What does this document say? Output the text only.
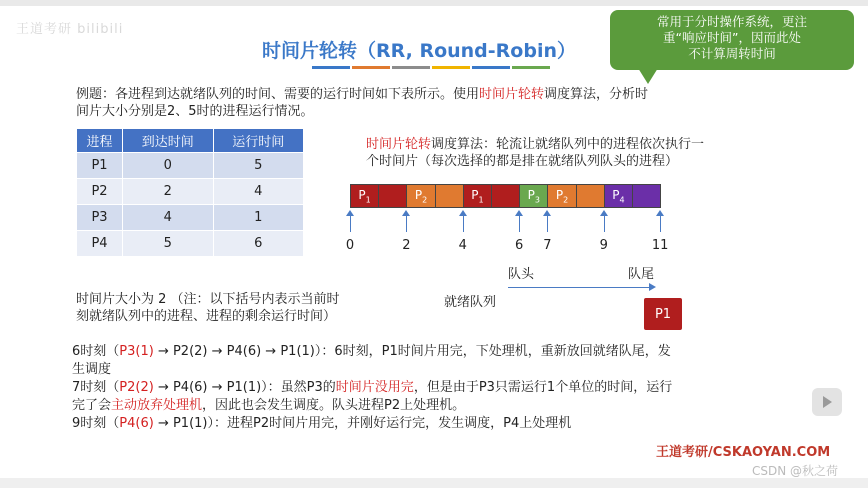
王道考研 bilibili
时间片轮转（RR, Round-Robin）
常用于分时操作系统，更注
重“响应时间”，因而此处
不计算周转时间
例题：各进程到达就绪队列的时间、需要的运行时间如下表所示。使用时间片轮转调度算法，分析时
间片大小分别是2、5时的进程运行情况。
进程	到达时间	运行时间
P1	0	5
P2	2	4
P3	4	1
P4	5	6
时间片轮转调度算法：轮流让就绪队列中的进程依次执行一
个时间片（每次选择的都是排在就绪队列队头的进程）
$P_1$	$P_2$	$P_1$	$P_3$ $P_2$	$P_4$
0	2	4	6	7	9	11
队头	队尾
就绪队列
P1
时间片大小为 2 （注：以下括号内表示当前时
刻就绪队列中的进程、进程的剩余运行时间）
6时刻（P3(1) → P2(2) → P4(6) → P1(1)）：6时刻，P1时间片用完，下处理机，重新放回就绪队尾，发
生调度
7时刻（P2(2) → P4(6) → P1(1)）：虽然P3的时间片没用完，但是由于P3只需运行1个单位的时间，运行
完了会主动放弃处理机，因此也会发生调度。队头进程P2上处理机。
9时刻（P4(6) → P1(1)）：进程P2时间片用完，并刚好运行完，发生调度，P4上处理机
王道考研/CSKAOYAN.COM
CSDN @秋之荷
